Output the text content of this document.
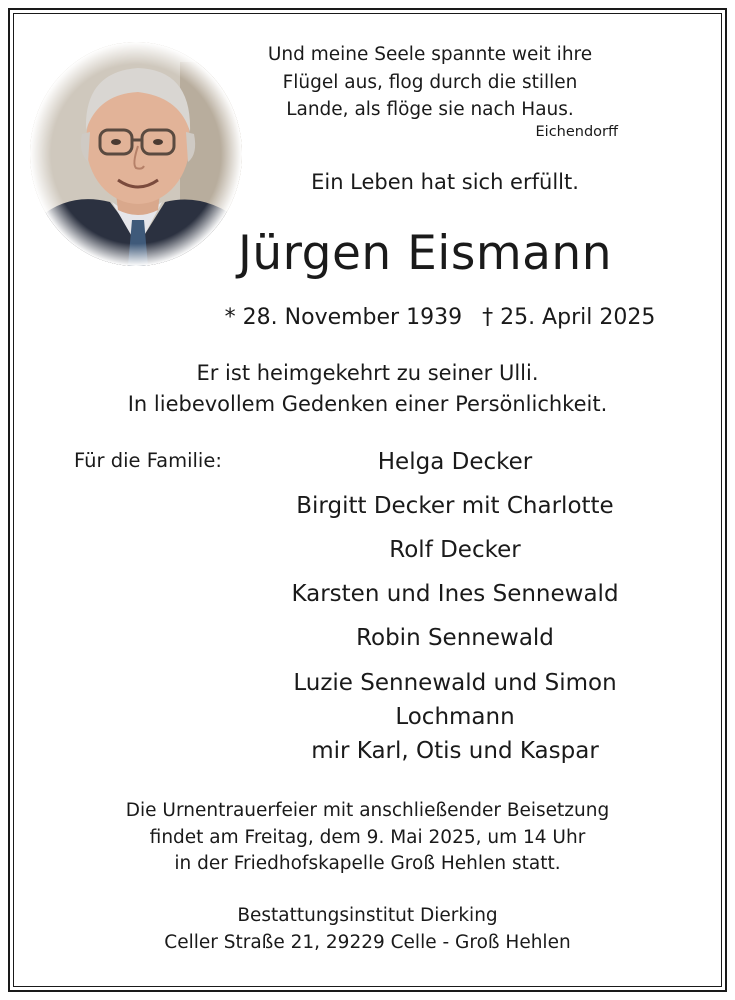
Und meine Seele spannte weit ihre
Flügel aus, flog durch die stillen
Lande, als flöge sie nach Haus.
Eichendorff
Ein Leben hat sich erfüllt.
Jürgen Eismann
* 28. November 1939 † 25. April 2025
Er ist heimgekehrt zu seiner Ulli.
In liebevollem Gedenken einer Persönlichkeit.
Für die Familie:	Helga Decker
Birgitt Decker mit Charlotte
Rolf Decker
Karsten und Ines Sennewald
Robin Sennewald
Luzie Sennewald und Simon
Lochmann
mir Karl, Otis und Kaspar
Die Urnentrauerfeier mit anschließender Beisetzung
findet am Freitag, dem 9. Mai 2025, um 14 Uhr
in der Friedhofskapelle Groß Hehlen statt.
Bestattungsinstitut Dierking
Celler Straße 21, 29229 Celle - Groß Hehlen
